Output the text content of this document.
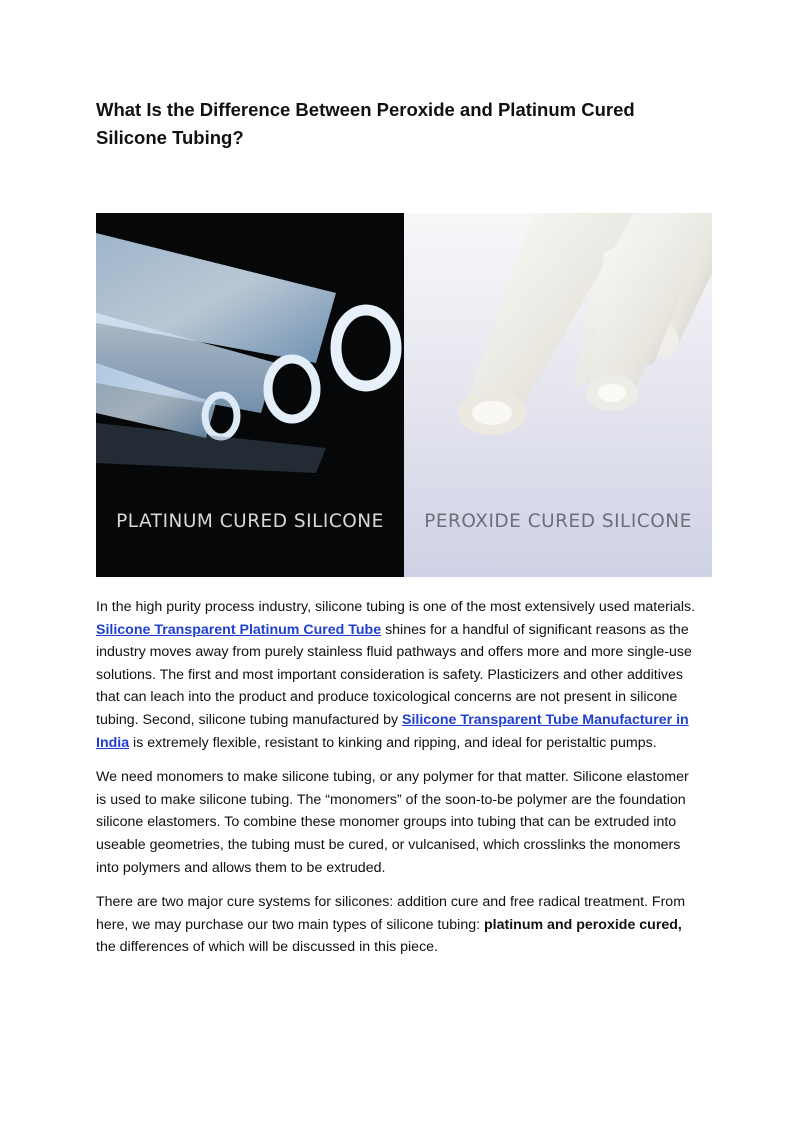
What Is the Difference Between Peroxide and Platinum Cured Silicone Tubing?
PLATINUM CURED SILICONE	PEROXIDE CURED SILICONE

In the high purity process industry, silicone tubing is one of the most extensively used materials. Silicone Transparent Platinum Cured Tube shines for a handful of significant reasons as the industry moves away from purely stainless fluid pathways and offers more and more single-use solutions. The first and most important consideration is safety. Plasticizers and other additives that can leach into the product and produce toxicological concerns are not present in silicone tubing. Second, silicone tubing manufactured by Silicone Transparent Tube Manufacturer in India is extremely flexible, resistant to kinking and ripping, and ideal for peristaltic pumps.

We need monomers to make silicone tubing, or any polymer for that matter. Silicone elastomer is used to make silicone tubing. The “monomers” of the soon-to-be polymer are the foundation silicone elastomers. To combine these monomer groups into tubing that can be extruded into useable geometries, the tubing must be cured, or vulcanised, which crosslinks the monomers into polymers and allows them to be extruded.

There are two major cure systems for silicones: addition cure and free radical treatment. From here, we may purchase our two main types of silicone tubing: platinum and peroxide cured, the differences of which will be discussed in this piece.
